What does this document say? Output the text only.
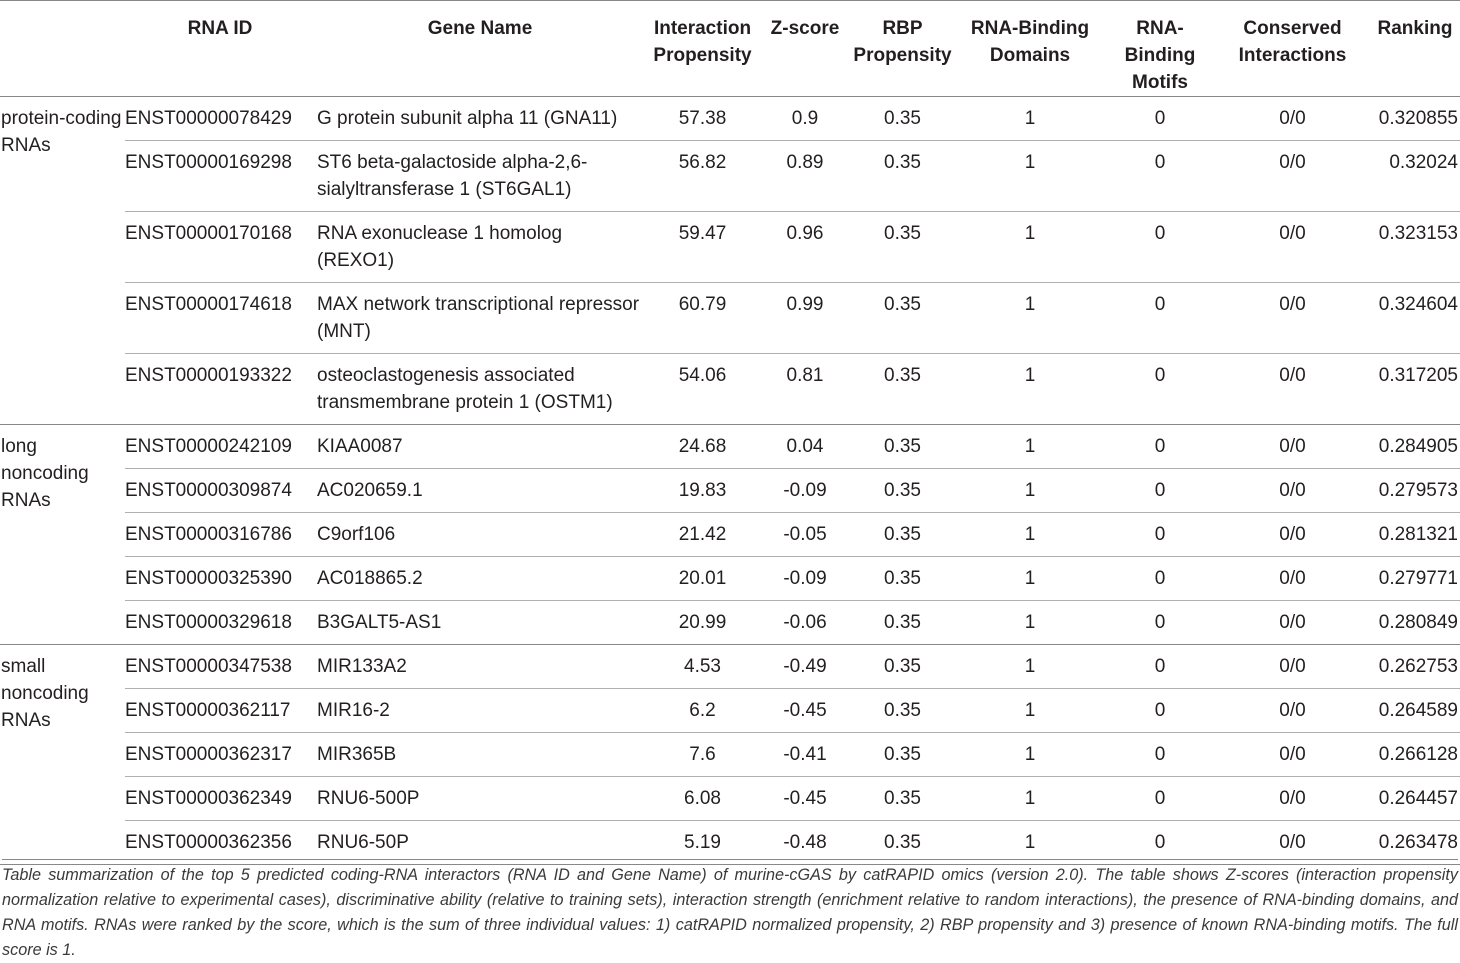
	RNA ID	Gene Name	Interaction Propensity	Z-score	RBP Propensity	RNA-Binding Domains	RNA-Binding Motifs	Conserved Interactions	Ranking
protein-coding RNAs	ENST00000078429	G protein subunit alpha 11 (GNA11)	57.38	0.9	0.35	1	0	0/0	0.320855
	ENST00000169298	ST6 beta-galactoside alpha-2,6-sialyltransferase 1 (ST6GAL1)	56.82	0.89	0.35	1	0	0/0	0.32024
	ENST00000170168	RNA exonuclease 1 homolog (REXO1)	59.47	0.96	0.35	1	0	0/0	0.323153
	ENST00000174618	MAX network transcriptional repressor (MNT)	60.79	0.99	0.35	1	0	0/0	0.324604
	ENST00000193322	osteoclastogenesis associated transmembrane protein 1 (OSTM1)	54.06	0.81	0.35	1	0	0/0	0.317205
long noncoding RNAs	ENST00000242109	KIAA0087	24.68	0.04	0.35	1	0	0/0	0.284905
	ENST00000309874	AC020659.1	19.83	-0.09	0.35	1	0	0/0	0.279573
	ENST00000316786	C9orf106	21.42	-0.05	0.35	1	0	0/0	0.281321
	ENST00000325390	AC018865.2	20.01	-0.09	0.35	1	0	0/0	0.279771
	ENST00000329618	B3GALT5-AS1	20.99	-0.06	0.35	1	0	0/0	0.280849
small noncoding RNAs	ENST00000347538	MIR133A2	4.53	-0.49	0.35	1	0	0/0	0.262753
	ENST00000362117	MIR16-2	6.2	-0.45	0.35	1	0	0/0	0.264589
	ENST00000362317	MIR365B	7.6	-0.41	0.35	1	0	0/0	0.266128
	ENST00000362349	RNU6-500P	6.08	-0.45	0.35	1	0	0/0	0.264457
	ENST00000362356	RNU6-50P	5.19	-0.48	0.35	1	0	0/0	0.263478
Table summarization of the top 5 predicted coding-RNA interactors (RNA ID and Gene Name) of murine-cGAS by catRAPID omics (version 2.0). The table shows Z-scores (interaction propensity normalization relative to experimental cases), discriminative ability (relative to training sets), interaction strength (enrichment relative to random interactions), the presence of RNA-binding domains, and RNA motifs. RNAs were ranked by the score, which is the sum of three individual values: 1) catRAPID normalized propensity, 2) RBP propensity and 3) presence of known RNA-binding motifs. The full score is 1.
